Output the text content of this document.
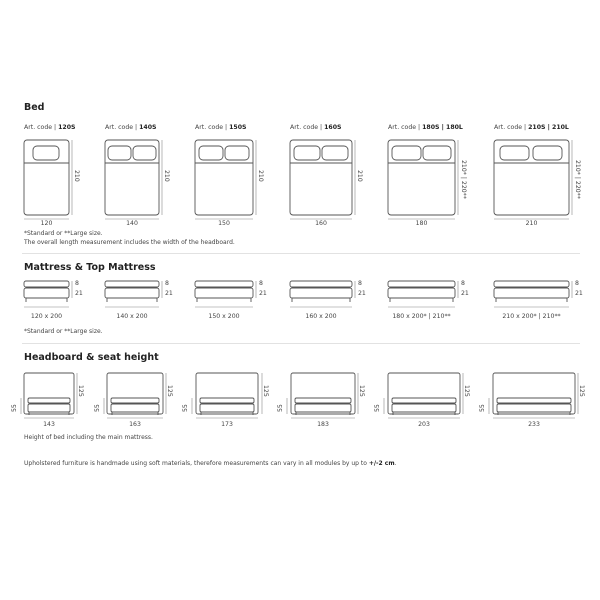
Bed
Mattress & Top Mattress
Headboard & seat height
Art. code | 120S	Art. code | 140S	Art. code | 150S	Art. code | 160S	Art. code | 180S | 180L	Art. code | 210S | 210L
210	210	210	210	210* | 220**	210* | 220**
120	140	150	160	180	210
*Standard or **Large size.
The overall length measurement includes the width of the headboard.
8
21
8
21
8
21
8
21
8
21
8
21
120 x 200	140 x 200	150 x 200	160 x 200	180 x 200* | 210**	210 x 200* | 210**
*Standard or **Large size.
125	125	125	125	125	125
55	55	55	55	55	55
143	163	173	183	203	233
Height of bed including the main mattress.
Upholstered furniture is handmade using soft materials, therefore measurements can vary in all modules by up to +/-2 cm.
